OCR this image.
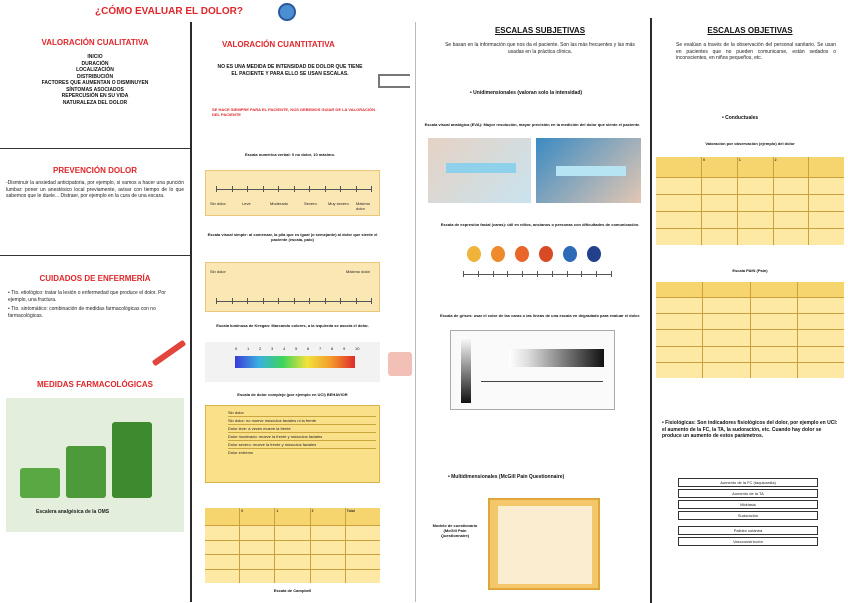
¿CÓMO EVALUAR EL DOLOR?
VALORACIÓN CUALITATIVA
INICIO
DURACIÓN
LOCALIZACIÓN
DISTRIBUCIÓN
FACTORES QUE AUMENTAN O DISMINUYEN
SÍNTOMAS ASOCIADOS
REPERCUSIÓN EN SU VIDA
NATURALEZA DEL DOLOR
PREVENCIÓN DOLOR
-Disminuir la ansiedad anticipatoria, por ejemplo, si vamos a hacer una punción lumbar: poner un anestésico local previamente, avisar con tiempo de lo que sabemos que le duele... Distraer, por ejemplo en la cura de una escara.
CUIDADOS DE ENFERMERÍA
• Tto. etiológico: tratar la lesión o enfermedad que produce el dolor. Por ejemplo, una fractura.
• Tto. sintomático: combinación de medidas farmacológicas con no farmacológicas.
MEDIDAS FARMACOLÓGICAS
Escalera analgésica de la OMS
VALORACIÓN CUANTITATIVA
NO ES UNA MEDIDA DE INTENSIDAD DE DOLOR QUE TIENE EL PACIENTE Y PARA ELLO SE USAN ESCALAS.
SE HACE SIEMPRE PARA EL PACIENTE, NOS DEBEMOS GUIAR DE LA VALORACIÓN DEL PACIENTE
Escala numérica verbal: 0 no dolor, 10 máximo.
Sin dolor	Leve	Moderado	Severo	Muy severo Máximo dolor
Escala visual simple: al comenzar, la pila que es igual (o semejante) al dolor que siente el paciente (escala, palo)
Sin dolor	Máximo dolor
Escala luminosa de Keegan: Marcando colores, a la izquierda se asocia el dolor.
0 1 2 3 4 5 6 7 8 9 10
Escala de dolor complejo (por ejemplo en UCI) BEHAVIOR
Sin dolor
Sin dolor: no mueve músculos faciales ni la frente
Dolor leve: a veces mueve la frente
Dolor moderado: mueve la frente y músculos faciales
Dolor severo: mueve la frente y músculos faciales
Dolor extremo
0	1	2	Total
Escala de Campbell
ESCALAS SUBJETIVAS
Se basan en la información que nos da el paciente. Son las más frecuentes y las más usadas en la práctica clínica.
• Unidimensionales (valoran solo la intensidad)
Escala visual analógica (EVA): Mayor resolución, mayor precisión en la medición del dolor que siente el paciente.
Escala de expresión facial (caras): útil en niños, ancianos o personas con dificultades de comunicación.
Escala de grises: usar el color de las caras o las líneas de una escala en degradado para evaluar el dolor.
• Multidimensionales (McGill Pain Questionnaire)
Modelo de cuestionario (McGill Pain Questionnaire)
ESCALAS OBJETIVAS
Se evalúan a través de la observación del personal sanitario. Se usan en pacientes que no pueden comunicarse, están sedados o inconscientes, en niños pequeños, etc.
• Conductuales
Valoración por observación (ejemplo) del dolor
0	1	2
Escala PAIN (Pain)
• Fisiológicas: Son indicadores fisiológicos del dolor, por ejemplo en UCI: el aumento de la FC, la TA, la sudoración, etc. Cuando hay dolor se produce un aumento de estos parámetros.
Aumento de la FC (taquicardia)
Aumento de la TA
Midriasis
Sudoración
Palidez cutánea
Vasoconstricción
